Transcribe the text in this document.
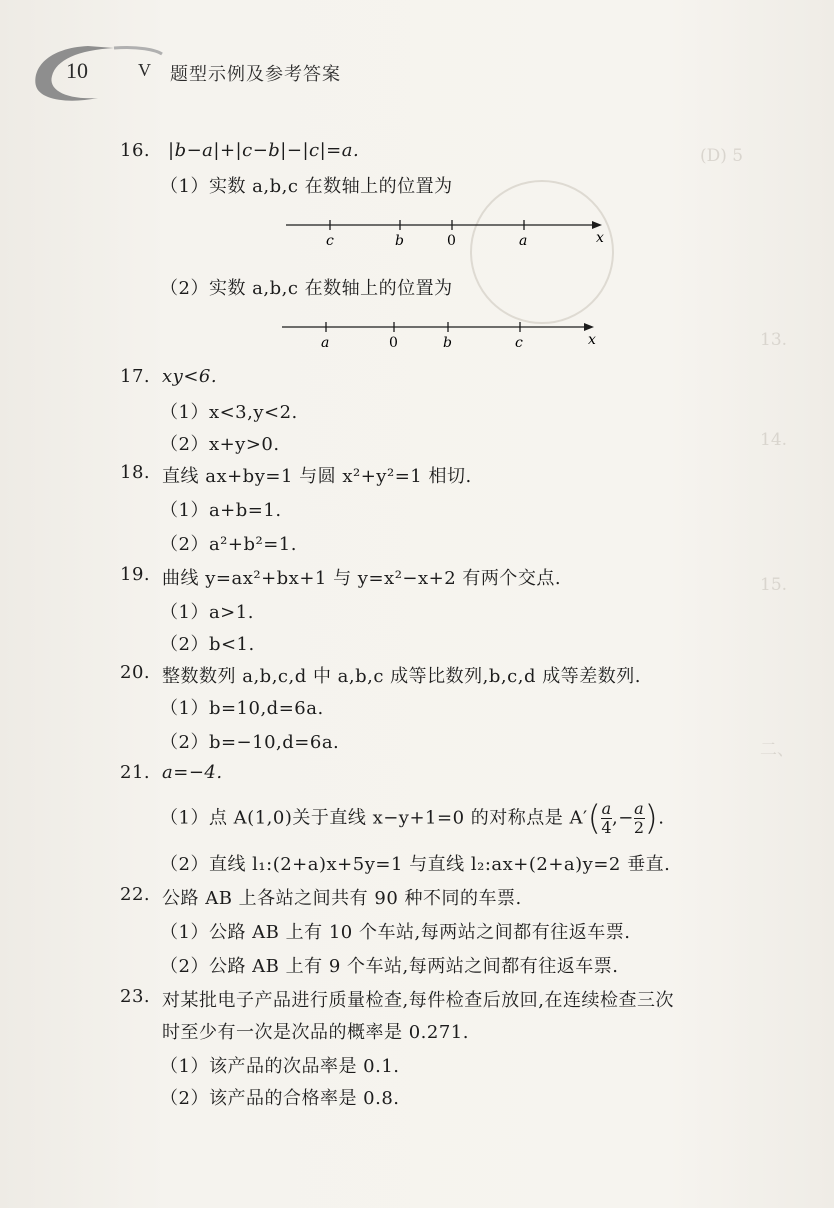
(D) 5
13.
14.
15.
二、
10	V 题型示例及参考答案
16. |b−a|+|c−b|−|c|=a.
（1）实数 a,b,c 在数轴上的位置为
c	b	0	a	x
（2）实数 a,b,c 在数轴上的位置为
a	0	b	c	x
17. xy<6.
（1）x<3,y<2.
（2）x+y>0.
18. 直线 ax+by=1 与圆 x²+y²=1 相切.
（1）a+b=1.
（2）a²+b²=1.
19. 曲线 y=ax²+bx+1 与 y=x²−x+2 有两个交点.
（1）a>1.
（2）b<1.
20. 整数数列 a,b,c,d 中 a,b,c 成等比数列,b,c,d 成等差数列.
（1）b=10,d=6a.
（2）b=−10,d=6a.
21. a=−4.
（1）点 A(1,0)关于直线 x−y+1=0 的对称点是 $A'( \frac{a}{4}$ ,− $\frac{a}{2}$ ).
（2）直线 l₁:(2+a)x+5y=1 与直线 l₂:ax+(2+a)y=2 垂直.
22. 公路 AB 上各站之间共有 90 种不同的车票.
（1）公路 AB 上有 10 个车站,每两站之间都有往返车票.
（2）公路 AB 上有 9 个车站,每两站之间都有往返车票.
23. 对某批电子产品进行质量检查,每件检查后放回,在连续检查三次
时至少有一次是次品的概率是 0.271.
（1）该产品的次品率是 0.1.
（2）该产品的合格率是 0.8.
